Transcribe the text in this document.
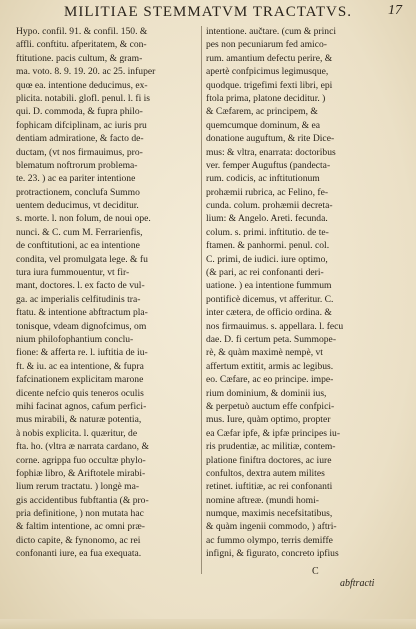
MILITIAE STEMMATVM TRACTATVS.	17
Hypo. confil. 91. & confil. 150. &
affli. conftitu. afperitatem, & con-
ftitutione. pacis cultum, & gram-
ma. voto. 8. 9. 19. 20. ac 25. infuper
quœ ea. intentione deducimus, ex-
plicita. notabili. glofl. penul. l. fi is
qui. D. commoda, & fupra philo-
fophicam difciplinam, ac iuris pru
dentiam admiratione, & facto de-
ductam, (vt nos firmauimus, pro-
blematum noftrorum problema-
te. 23. ) ac ea pariter intentione
protractionem, conclufa Summo
uentem deducimus, vt deciditur.
s. morte. l. non folum, de noui ope.
nunci. & C. cum M. Ferrarienfis,
de conftitutioni, ac ea intentione
condita, vel promulgata lege. & fu
tura iura fummouentur, vt fir-
mant, doctores. l. ex facto de vul-
ga. ac imperialis celfitudinis tra-
ftatu. & intentione abftractum pla-
tonisque, vdeam dignofcimus, om
nium philofophantium conclu-
fione: & afferta re. l. iuftitia de iu-
ft. & iu. ac ea intentione, & fupra
fafcinationem explicitam marone
dicente nefcio quis teneros oculis
mihi facinat agnos, cafum perfici-
mus mirabili, & naturæ potentia,
à nobis explicita. l. quæritur, de
fta. ho. (vltra æ narrata cardano, &
corne. agrippa fuo occultæ phylo-
fophiæ libro, & Ariftotele mirabi-
lium rerum tractatu. ) longè ma-
gis accidentibus fubftantia (& pro-
pria definitione, ) non mutata hac
& faltim intentione, ac omni præ-
dicto capite, & fynonomo, ac rei
confonanti iure, ea fua exequata.
intentione. aučtare. (cum & princi
pes non pecuniarum fed amico-
rum. amantium defectu perire, &
apertè confpicimus legimusque,
quodque. trigefimi fexti libri, epi
ftola prima, platone deciditur. )
& Cæfarem, ac principem, &
quemcumque dominum, & ea
donatione auguftum, & rite Dice-
mus: & vltra, enarrata: doctoribus
ver. femper Auguftus (pandecta-
rum. codicis, ac inftitutionum
prohæmii rubrica, ac Felino, fe-
cunda. colum. prohæmii decreta-
lium: & Angelo. Areti. fecunda.
colum. s. primi. inftitutio. de te-
ftamen. & panhormi. penul. col.
C. primi, de iudici. iure optimo,
(& pari, ac rei confonanti deri-
uatione. ) ea intentione fummum
pontificè dicemus, vt afferitur. C.
inter cætera, de officio ordina. &
nos firmauimus. s. appellara. l. fecu
dae. D. fi certum peta. Summope-
rè, & quàm maximè nempè, vt
affertum extitit, armis ac legibus.
eo. Cæfare, ac eo principe. impe-
rium dominium, & dominii ius,
& perpetuò auctum effe confpici-
mus. Iure, quàm optimo, propter
ea Cæfar ipfe, & ipfæ principes iu-
ris prudentiæ, ac militiæ, contem-
platione finiftra doctores, ac iure
confultos, dextra autem milites
retinet. iuftitiæ, ac rei confonanti
nomine aftreæ. (mundi homi-
numque, maximis necefsitatibus,
& quàm ingenii commodo, ) aftri-
ac fummo olympo, terris demiffe
infigni, & figurato, concreto ipfius
C
abftracti
